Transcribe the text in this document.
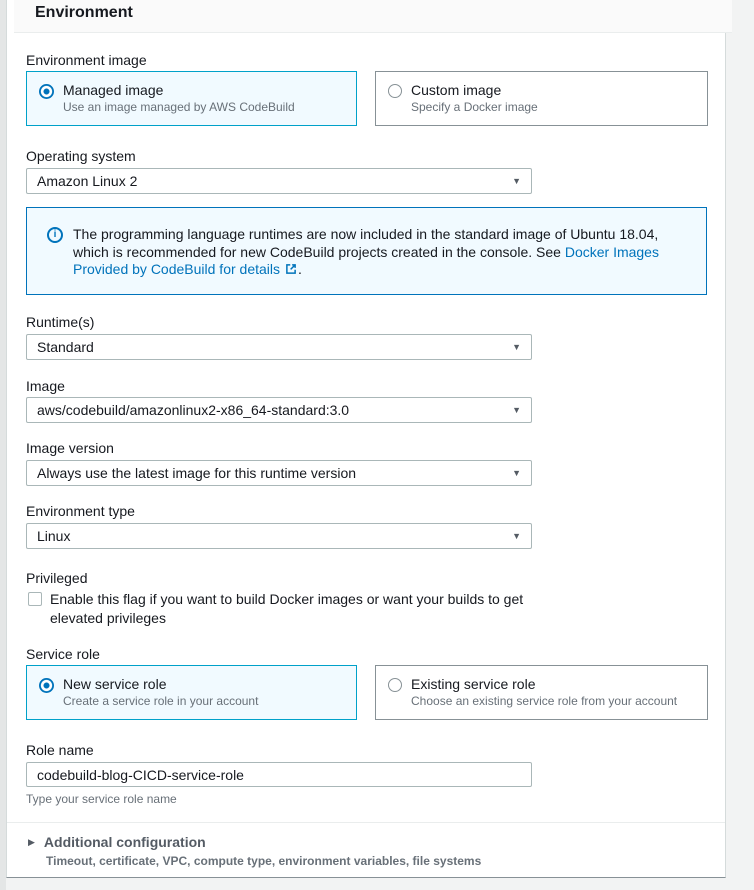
Environment
Environment image
Managed image
Use an image managed by AWS CodeBuild
Custom image
Specify a Docker image
Operating system
Amazon Linux 2	▼
i	The programming language runtimes are now included in the standard image of Ubuntu 18.04, which is recommended for new CodeBuild projects created in the console. See Docker Images Provided by CodeBuild for details .
Runtime(s)
Standard	▼
Image
aws/codebuild/amazonlinux2-x86_64-standard:3.0	▼
Image version
Always use the latest image for this runtime version	▼
Environment type
Linux	▼
Privileged
Enable this flag if you want to build Docker images or want your builds to get elevated privileges
Service role
New service role
Create a service role in your account
Existing service role
Choose an existing service role from your account
Role name
codebuild-blog-CICD-service-role
Type your service role name
▶ Additional configuration
Timeout, certificate, VPC, compute type, environment variables, file systems
